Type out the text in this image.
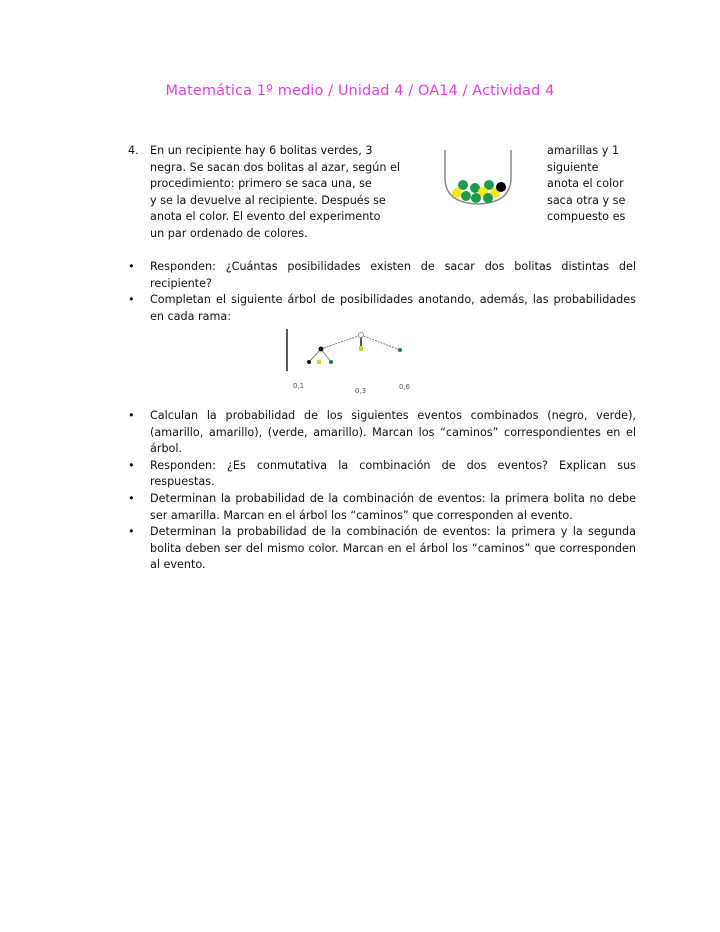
Matemática 1º medio / Unidad 4 / OA14 / Actividad 4
4. En un recipiente hay 6 bolitas verdes, 3
negra. Se sacan dos bolitas al azar, según el
procedimiento: primero se saca una, se
y se la devuelve al recipiente. Después se
anota el color. El evento del experimento
un par ordenado de colores.
amarillas y 1
siguiente
anota el color
saca otra y se
compuesto es
• Responden: ¿Cuántas posibilidades existen de sacar dos bolitas distintas del recipiente?
• Completan el siguiente árbol de posibilidades anotando, además, las probabilidades en cada rama:
0,1
0,3	0,6
• Calculan la probabilidad de los siguientes eventos combinados (negro, verde), (amarillo, amarillo), (verde, amarillo). Marcan los “caminos” correspondientes en el árbol.
• Responden: ¿Es conmutativa la combinación de dos eventos? Explican sus respuestas.
• Determinan la probabilidad de la combinación de eventos: la primera bolita no debe ser amarilla. Marcan en el árbol los “caminos” que corresponden al evento.
• Determinan la probabilidad de la combinación de eventos: la primera y la segunda bolita deben ser del mismo color. Marcan en el árbol los “caminos” que corresponden al evento.
